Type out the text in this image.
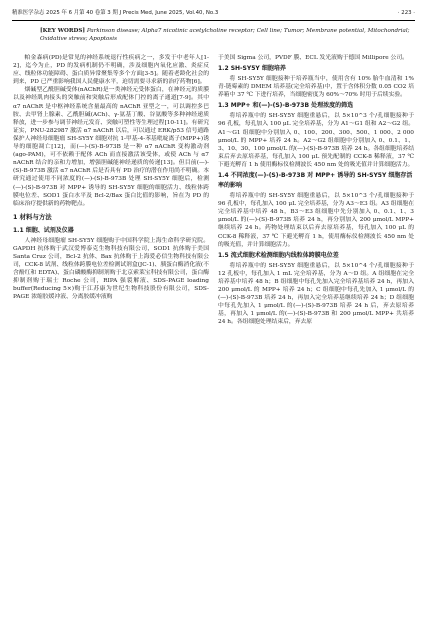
精准医学杂志 2025 年 6 月第 40 卷第 3 期 J Precis Med, June 2025, Vol.40, No.3	· 223 ·
[KEY WORDS] Parkinson disease; Alpha7 nicotinic acetylcholine receptor; Cell line; Tumor; Membrane potential, Mitochondrial; Oxidative stress; Apoptosis

帕金森病(PD)是常见的神经系统退行性疾病之一，多发于中老年人[1-2]，迄今为止，PD 的发病机制仍不明确，涉及细胞内氧化应激、炎症反应、线粒体功能障碍、蛋白质异常聚集等多个方面[3-5]。随着老龄化社会的到来，PD 已严重影响我国人民健康水平，迫切需要寻求新的治疗药物[6]。

烟碱型乙酰胆碱受体(nAChR)是一类神经元受体蛋白，在神经元的质膜以及神经肌肉接头的突触前和突触后形成配体门控的离子通道[7-9]。其中 α7 nAChR 是中枢神经系统含量最高的 nAChR 亚型之一，可以调控多巴胺、去甲肾上腺素、乙酰胆碱(ACh)、γ-氨基丁酸、谷氨酸等多种神经递质释放，进一步参与调节神经元发育、突触可塑性等生理过程[10-11]。有研究证实，PNU-282987 激活 α7 nAChR 以后，可以通过 ERK/p53 信号通路保护人神经母细胞瘤 SH-SY5Y 细胞对抗 1-甲基-4-苯基吡啶离子(MPP+)诱导的细胞凋亡[12]，而(—)-(S)-B-973B 是一种 α7 nAChR 变构激动剂(ago-PAM)，可不依赖于配体 ACh 而直接激活该受体，或使 ACh 与 α7 nAChR 结合的亲和力增加，增强胆碱能神经递质的传递[13]。但目前(—)-(S)-B-973B 激活 α7 nAChR 后是否具有 PD 治疗的潜在作用尚不明确。本研究通过使用不同浓度的(—)-(S)-B-973B 处理 SH-SY5Y 细胞后，检测(—)-(S)-B-973B 对 MPP+ 诱导的 SH-SY5Y 细胞的细胞活力、线粒体跨膜电位差、SOD1 蛋白水平及 Bcl-2/Bax 蛋白比值的影响，旨在为 PD 的临床治疗提供新的药物靶点。

1 材料与方法
1.1 细胞、试剂及仪器

人神经母细胞瘤 SH-SY5Y 细胞购于中国科学院上海生命科学研究院。GAPDH 抗体购于武汉爱博泰克生物科技有限公司，SOD1 抗体购于美国 Santa Cruz 公司，Bcl-2 抗体、Bax 抗体购于上海爱必信生物科技有限公司，CCK-8 试剂、线粒体跨膜电位差检测试剂盒(JC-1)、胰蛋白酶消化液(不含酚红和 EDTA)、蛋白磷酸酶抑制剂购于北京索莱宝科技有限公司，蛋白酶抑制剂购于瑞士 Roche 公司，RIPA 强裂解液、SDS-PAGE loading buffer(Reducing 5×)购于江苏康为世纪生物科技股份有限公司，SDS-PAGE 浓缩胶缓冲液、分离胶缓冲液购

于美国 Sigma 公司，PVDF 膜、ECL 发光液购于德国 Millipore 公司。

1.2 SH-SY5Y 细胞培养

将 SH-SY5Y 细胞接种于培养瓶当中，使用含有 10% 胎牛血清和 1% 青-链霉素的 DMEM 培养基(完全培养基)中，置于含体积分数 0.05 CO2 培养箱中 37 ℃ 下进行培养，当细胞密度为 60%～70% 时用于后续实验。

1.3 MPP+ 和(—)-(S)-B-973B 处理浓度的筛选

将培养瓶中的 SH-SY5Y 细胞重悬后，以 5×10^3 个/孔细胞接种于 96 孔板，每孔加入 100 μL 完全培养基，分为 A1～G1 组和 A2～G2 组。A1～G1 组细胞中分别加入 0、100、200、300、500、1 000、2 000 μmol/L 的 MPP+ 培养 24 h。A2～G2 组细胞中分别加入 0、0.1、1、3、10、30、100 μmol/L 的(—)-(S)-B-973B 培养 24 h。各组细胞培养结束后弃去原培养基，每孔加入 100 μL 预先配制的 CCK-8 稀释液，37 ℃ 下避光孵育 1 h 使用酶标仪检测波长 450 nm 处的吸光值并计算细胞活力。

1.4 不同浓度(—)-(S)-B-973B 对 MPP+ 诱导的 SH-SY5Y 细胞存活率的影响

将培养瓶中的 SH-SY5Y 细胞重悬后，以 5×10^3 个/孔细胞接种于 96 孔板中，每孔加入 100 μL 完全培养基，分为 A3～E3 组。A3 组细胞在完全培养基中培养 48 h，B3～E3 组细胞中先分别加入 0、0.1、1、3 μmol/L 的(—)-(S)-B-973B 培养 24 h，再分别加入 200 μmol/L MPP+ 继续培养 24 h。药物处理结束以后弃去原培养基，每孔加入 100 μL 的 CCK-8 稀释液，37 ℃ 下避光孵育 1 h，使用酶标仪检测波长 450 nm 处的吸光值，并计算细胞活力。

1.5 流式细胞术检测细胞内线粒体跨膜电位差

将培养瓶中的 SH-SY5Y 细胞重悬后，以 5×10^4 个/孔细胞接种于 12 孔板中，每孔加入 1 mL 完全培养基，分为 A～D 组。A 组细胞在完全培养基中培养 48 h；B 组细胞中每孔先加入完全培养基培养 24 h，再加入 200 μmol/L 的 MPP+ 培养 24 h；C 组细胞中每孔先加入 1 μmol/L 的(—)-(S)-B-973B 培养 24 h，再加入完全培养基继续培养 24 h；D 组细胞中每孔先加入 1 μmol/L 的(—)-(S)-B-973B 培养 24 h 后，弃去原培养基，再加入 1 μmol/L 的(—)-(S)-B-973B 和 200 μmol/L MPP+ 共培养 24 h。各组细胞处理结束后，弃去原
